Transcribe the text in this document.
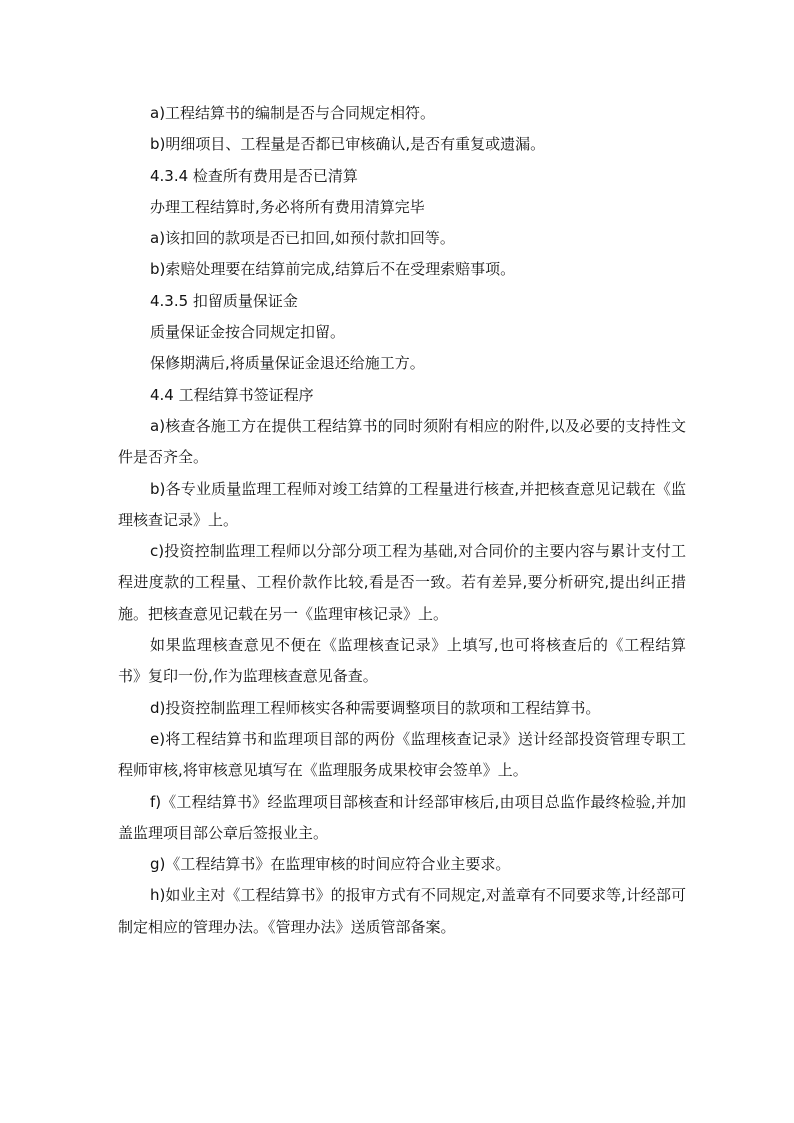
a)工程结算书的编制是否与合同规定相符。

b)明细项目、工程量是否都已审核确认,是否有重复或遗漏。

4.3.4 检查所有费用是否已清算

办理工程结算时,务必将所有费用清算完毕

a)该扣回的款项是否已扣回,如预付款扣回等。

b)索赔处理要在结算前完成,结算后不在受理索赔事项。

4.3.5 扣留质量保证金

质量保证金按合同规定扣留。

保修期满后,将质量保证金退还给施工方。

4.4 工程结算书签证程序

a)核查各施工方在提供工程结算书的同时须附有相应的附件,以及必要的支持性文件是否齐全。

b)各专业质量监理工程师对竣工结算的工程量进行核查,并把核查意见记载在《监理核查记录》上。

c)投资控制监理工程师以分部分项工程为基础,对合同价的主要内容与累计支付工程进度款的工程量、工程价款作比较,看是否一致。若有差异,要分析研究,提出纠正措施。把核查意见记载在另一《监理审核记录》上。

如果监理核查意见不便在《监理核查记录》上填写,也可将核查后的《工程结算书》复印一份,作为监理核查意见备查。

d)投资控制监理工程师核实各种需要调整项目的款项和工程结算书。

e)将工程结算书和监理项目部的两份《监理核查记录》送计经部投资管理专职工程师审核,将审核意见填写在《监理服务成果校审会签单》上。

f)《工程结算书》经监理项目部核查和计经部审核后,由项目总监作最终检验,并加盖监理项目部公章后签报业主。

g)《工程结算书》在监理审核的时间应符合业主要求。

h)如业主对《工程结算书》的报审方式有不同规定,对盖章有不同要求等,计经部可制定相应的管理办法。《管理办法》送质管部备案。
